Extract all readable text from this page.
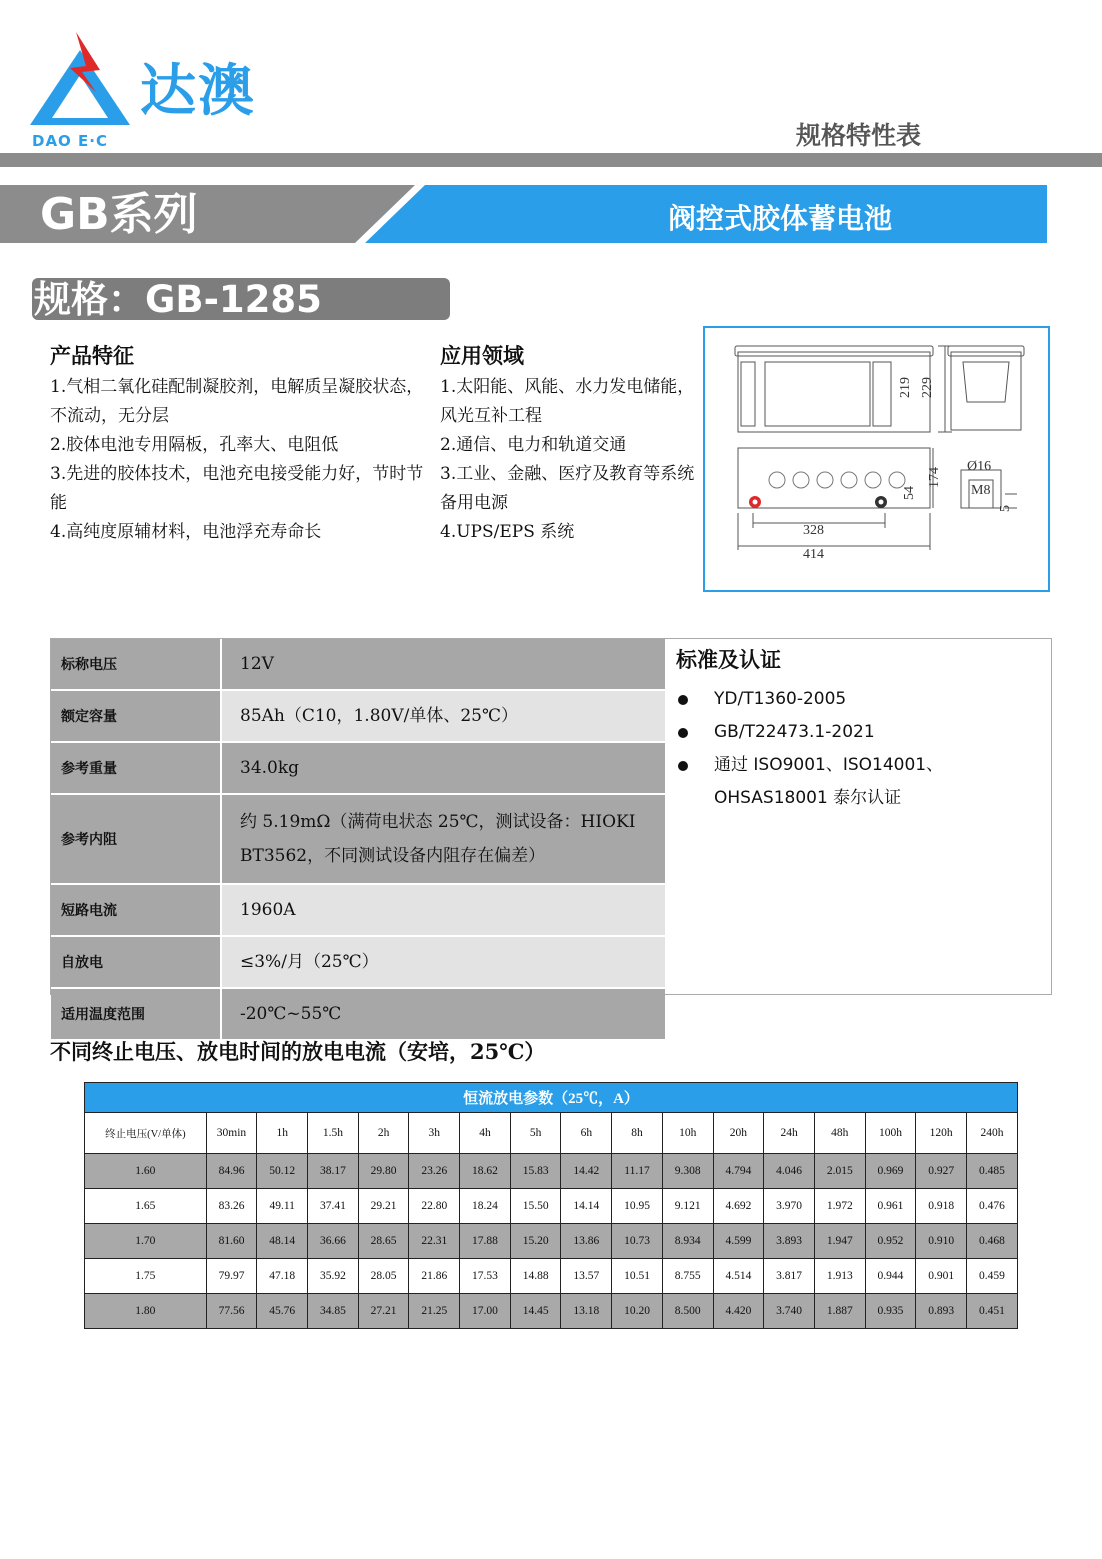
达澳
DAO E·C	规格特性表
GB系列	阀控式胶体蓄电池
规格：GB-1285
产品特征
1.气相二氧化硅配制凝胶剂，电解质呈凝胶状态，不流动，无分层
2.胶体电池专用隔板，孔率大、电阻低
3.先进的胶体技术，电池充电接受能力好，节时节能
4.高纯度原辅材料，电池浮充寿命长
应用领域
1.太阳能、风能、水力发电储能，风光互补工程
2.通信、电力和轨道交通
3.工业、金融、医疗及教育等系统备用电源
4.UPS/EPS 系统
219 229
174
54
328
414
Ø16
M8
5
标称电压	12V
额定容量	85Ah（C10，1.80V/单体、25℃）
参考重量	34.0kg
参考内阻	约 5.19mΩ（满荷电状态 25℃，测试设备：HIOKI BT3562，不同测试设备内阻存在偏差）
短路电流	1960A
自放电	≤3%/月（25℃）
适用温度范围	-20℃~55℃
标准及认证
YD/T1360-2005
GB/T22473.1-2021
通过 ISO9001、ISO14001、OHSAS18001 泰尔认证
不同终止电压、放电时间的放电电流（安培，25℃）
恒流放电参数（25℃，A）																
终止电压(V/单体)	30min	1h	1.5h	2h	3h	4h	5h	6h	8h	10h	20h	24h	48h	100h	120h	240h
1.60	84.96	50.12	38.17	29.80	23.26	18.62	15.83	14.42	11.17	9.308	4.794	4.046	2.015	0.969	0.927	0.485
1.65	83.26	49.11	37.41	29.21	22.80	18.24	15.50	14.14	10.95	9.121	4.692	3.970	1.972	0.961	0.918	0.476
1.70	81.60	48.14	36.66	28.65	22.31	17.88	15.20	13.86	10.73	8.934	4.599	3.893	1.947	0.952	0.910	0.468
1.75	79.97	47.18	35.92	28.05	21.86	17.53	14.88	13.57	10.51	8.755	4.514	3.817	1.913	0.944	0.901	0.459
1.80	77.56	45.76	34.85	27.21	21.25	17.00	14.45	13.18	10.20	8.500	4.420	3.740	1.887	0.935	0.893	0.451
